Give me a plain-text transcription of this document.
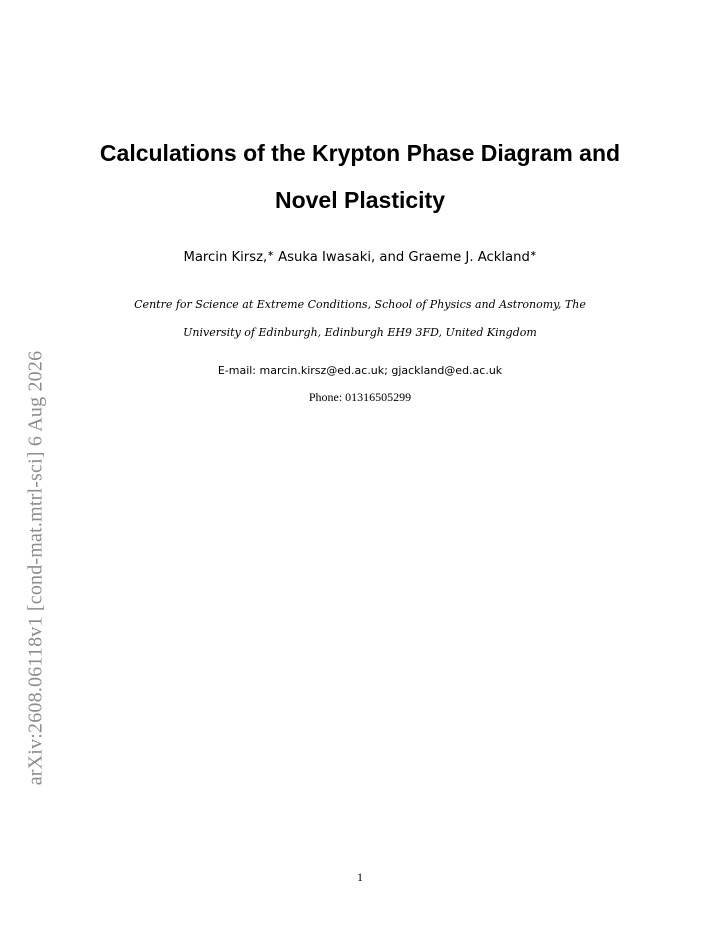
Calculations of the Krypton Phase Diagram and
Novel Plasticity
Marcin Kirsz,∗ Asuka Iwasaki, and Graeme J. Ackland∗
Centre for Science at Extreme Conditions, School of Physics and Astronomy, The
University of Edinburgh, Edinburgh EH9 3FD, United Kingdom
E-mail: marcin.kirsz@ed.ac.uk; gjackland@ed.ac.uk
Phone: 01316505299
arXiv:2608.06118v1 [cond-mat.mtrl-sci] 6 Aug 2026
1
